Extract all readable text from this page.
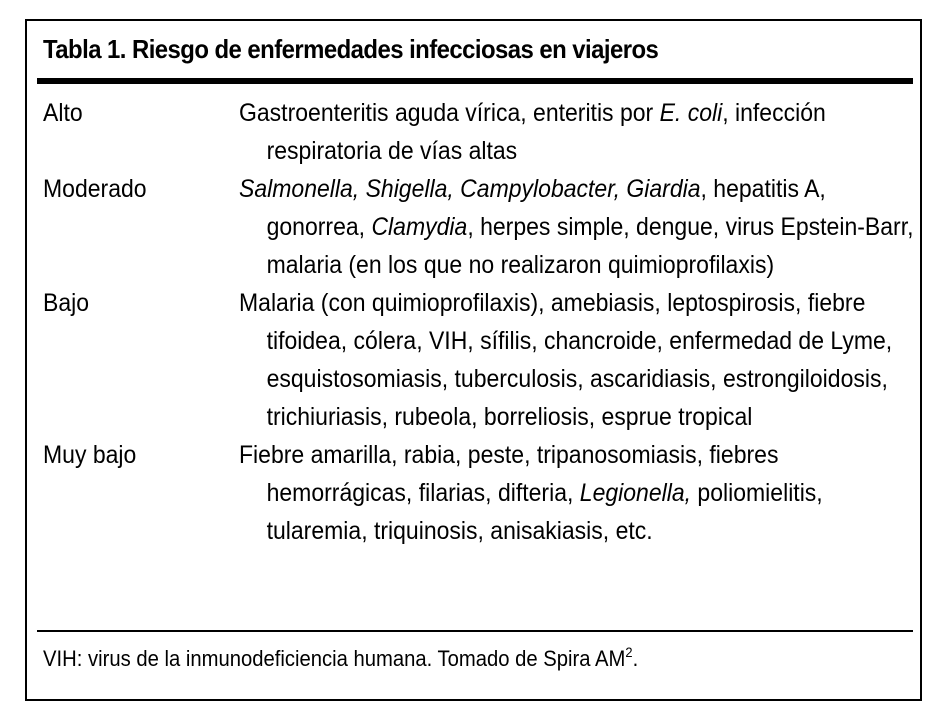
Tabla 1. Riesgo de enfermedades infecciosas en viajeros
Alto	Gastroenteritis aguda vírica, enteritis por E. coli, infección respiratoria de vías altas
Moderado	Salmonella, Shigella, Campylobacter, Giardia, hepatitis A, gonorrea, Clamydia, herpes simple, dengue, virus Epstein-Barr, malaria (en los que no realizaron quimioprofilaxis)
Bajo	Malaria (con quimioprofilaxis), amebiasis, leptospirosis, fiebre tifoidea, cólera, VIH, sífilis, chancroide, enfermedad de Lyme, esquistosomiasis, tuberculosis, ascaridiasis, estrongiloidosis, trichiuriasis, rubeola, borreliosis, esprue tropical
Muy bajo	Fiebre amarilla, rabia, peste, tripanosomiasis, fiebres hemorrágicas, filarias, difteria, Legionella, poliomielitis, tularemia, triquinosis, anisakiasis, etc.
VIH: virus de la inmunodeficiencia humana. Tomado de Spira $AM^2$.
